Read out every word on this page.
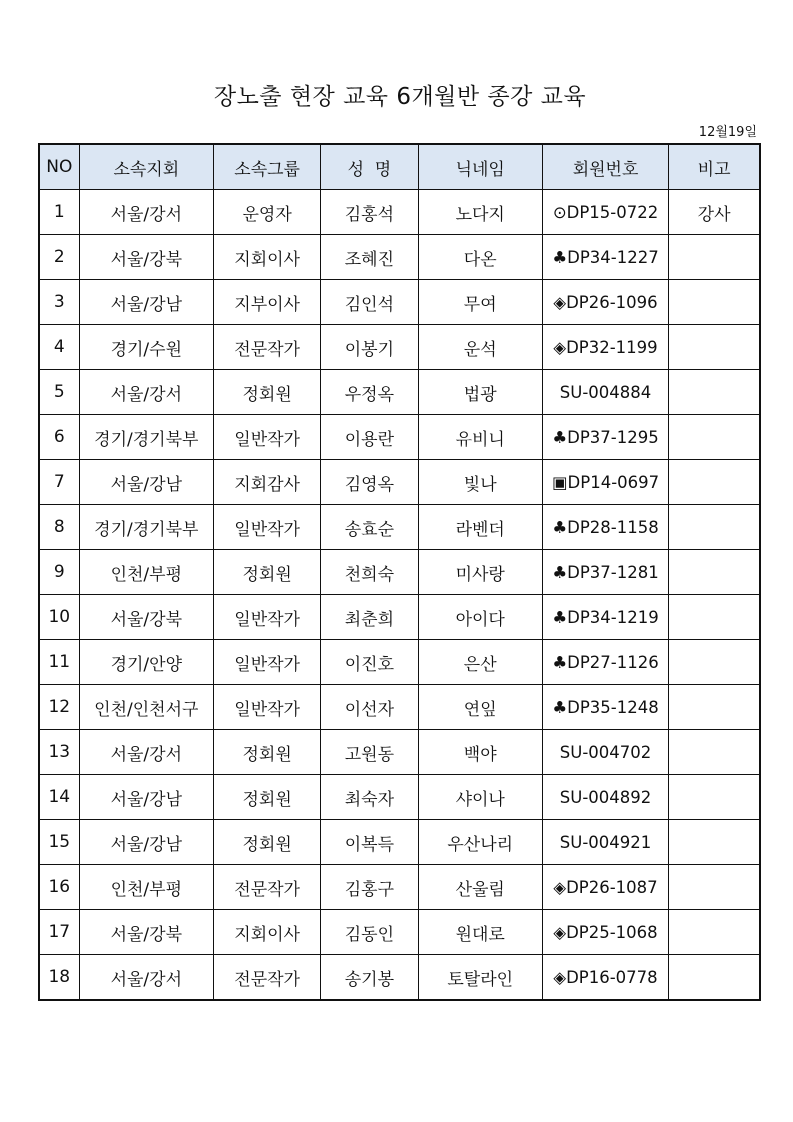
장노출 현장 교육 6개월반 종강 교육
12월19일
NO	소속지회	소속그룹	성  명	닉네임	회원번호	비고
1	서울/강서	운영자	김홍석	노다지	⊙DP15-0722	강사
2	서울/강북	지회이사	조혜진	다온	♣DP34-1227	
3	서울/강남	지부이사	김인석	무여	◈DP26-1096	
4	경기/수원	전문작가	이봉기	운석	◈DP32-1199	
5	서울/강서	정회원	우정옥	법광	SU-004884	
6	경기/경기북부	일반작가	이용란	유비니	♣DP37-1295	
7	서울/강남	지회감사	김영옥	빛나	▣DP14-0697	
8	경기/경기북부	일반작가	송효순	라벤더	♣DP28-1158	
9	인천/부평	정회원	천희숙	미사랑	♣DP37-1281	
10	서울/강북	일반작가	최춘희	아이다	♣DP34-1219	
11	경기/안양	일반작가	이진호	은산	♣DP27-1126	
12	인천/인천서구	일반작가	이선자	연잎	♣DP35-1248	
13	서울/강서	정회원	고원동	백야	SU-004702	
14	서울/강남	정회원	최숙자	샤이나	SU-004892	
15	서울/강남	정회원	이복득	우산나리	SU-004921	
16	인천/부평	전문작가	김홍구	산울림	◈DP26-1087	
17	서울/강북	지회이사	김동인	원대로	◈DP25-1068	
18	서울/강서	전문작가	송기봉	토탈라인	◈DP16-0778	
